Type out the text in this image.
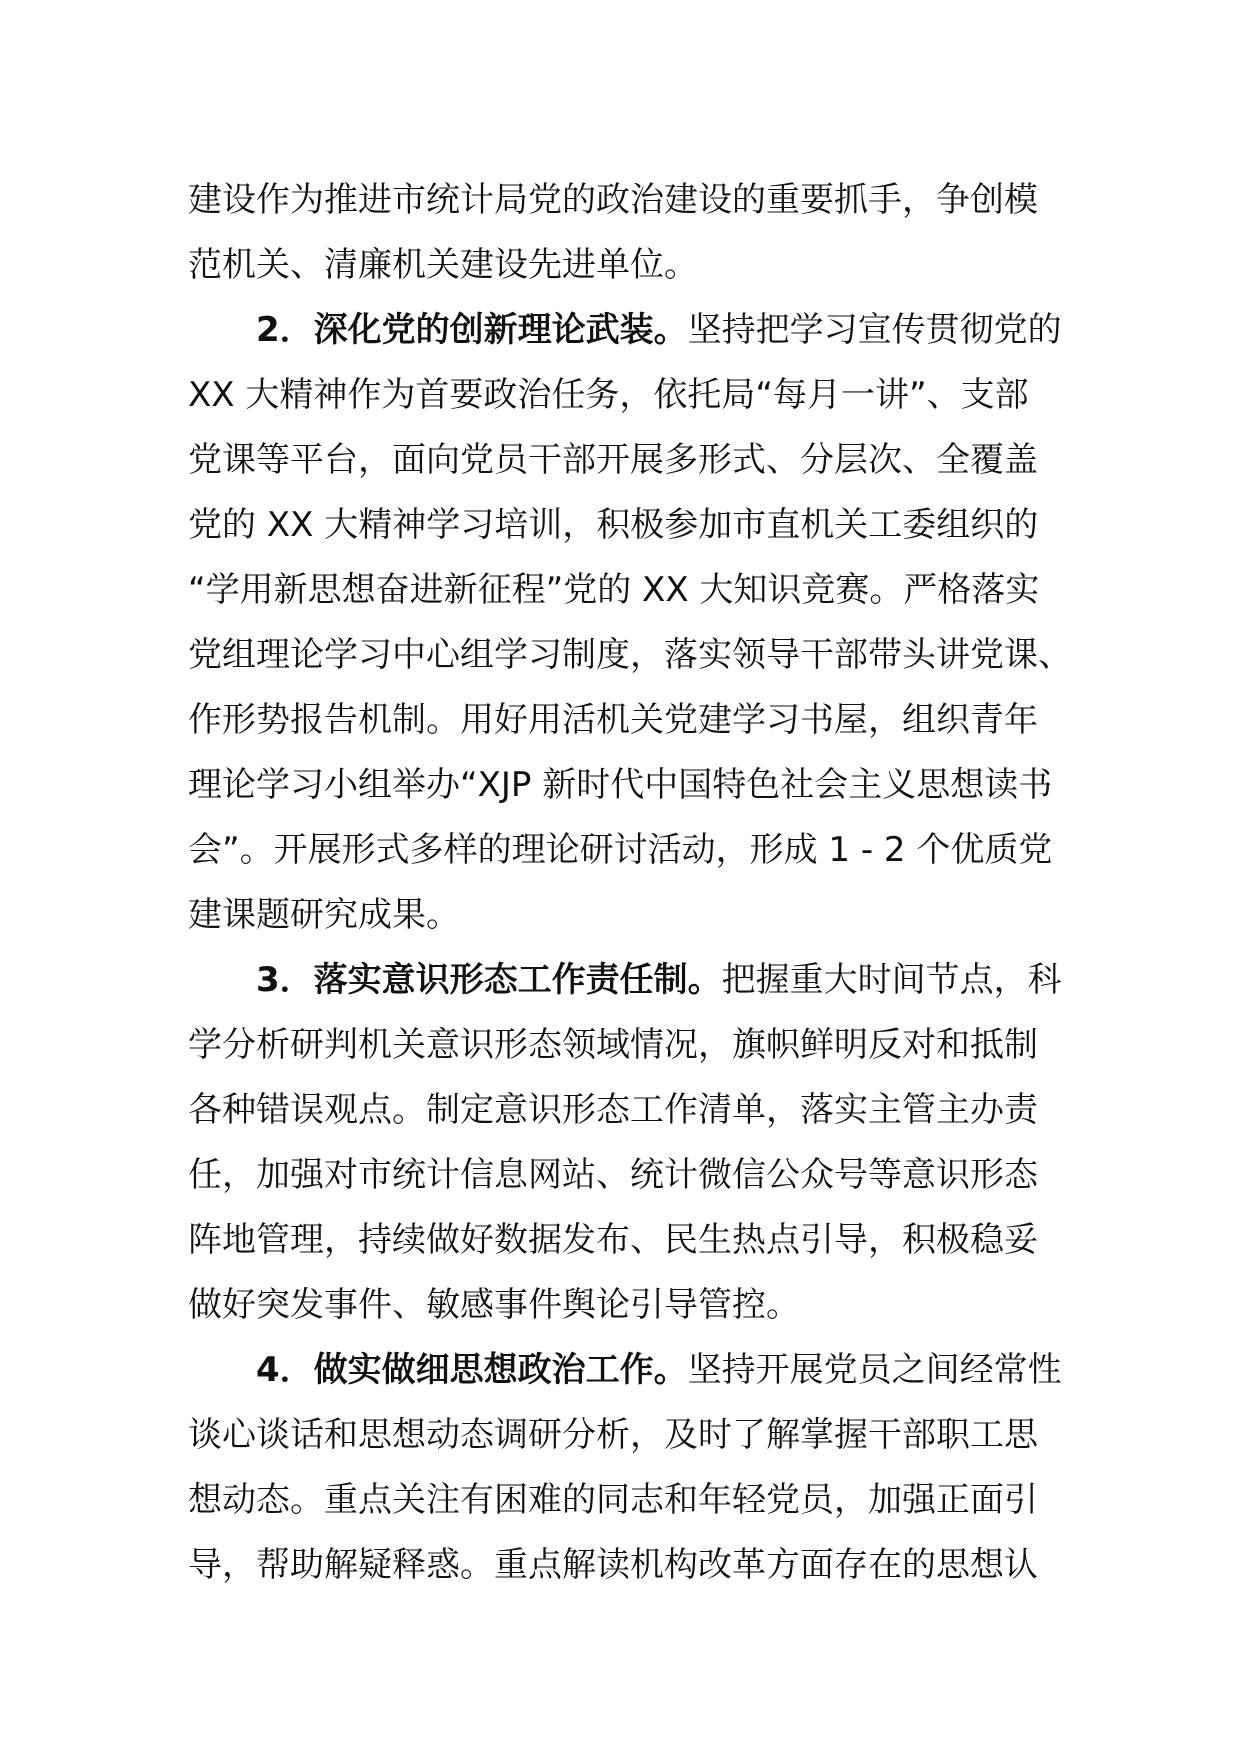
建设作为推进市统计局党的政治建设的重要抓手，争创模
范机关、清廉机关建设先进单位。
2．深化党的创新理论武装。坚持把学习宣传贯彻党的
XX 大精神作为首要政治任务，依托局“每月一讲”、支部
党课等平台，面向党员干部开展多形式、分层次、全覆盖
党的 XX 大精神学习培训，积极参加市直机关工委组织的
“学用新思想奋进新征程”党的 XX 大知识竞赛。严格落实
党组理论学习中心组学习制度，落实领导干部带头讲党课、
作形势报告机制。用好用活机关党建学习书屋，组织青年
理论学习小组举办“XJP 新时代中国特色社会主义思想读书
会”。开展形式多样的理论研讨活动，形成 1 - 2 个优质党
建课题研究成果。
3．落实意识形态工作责任制。把握重大时间节点，科
学分析研判机关意识形态领域情况，旗帜鲜明反对和抵制
各种错误观点。制定意识形态工作清单，落实主管主办责
任，加强对市统计信息网站、统计微信公众号等意识形态
阵地管理，持续做好数据发布、民生热点引导，积极稳妥
做好突发事件、敏感事件舆论引导管控。
4．做实做细思想政治工作。坚持开展党员之间经常性
谈心谈话和思想动态调研分析，及时了解掌握干部职工思
想动态。重点关注有困难的同志和年轻党员，加强正面引
导，帮助解疑释惑。重点解读机构改革方面存在的思想认
